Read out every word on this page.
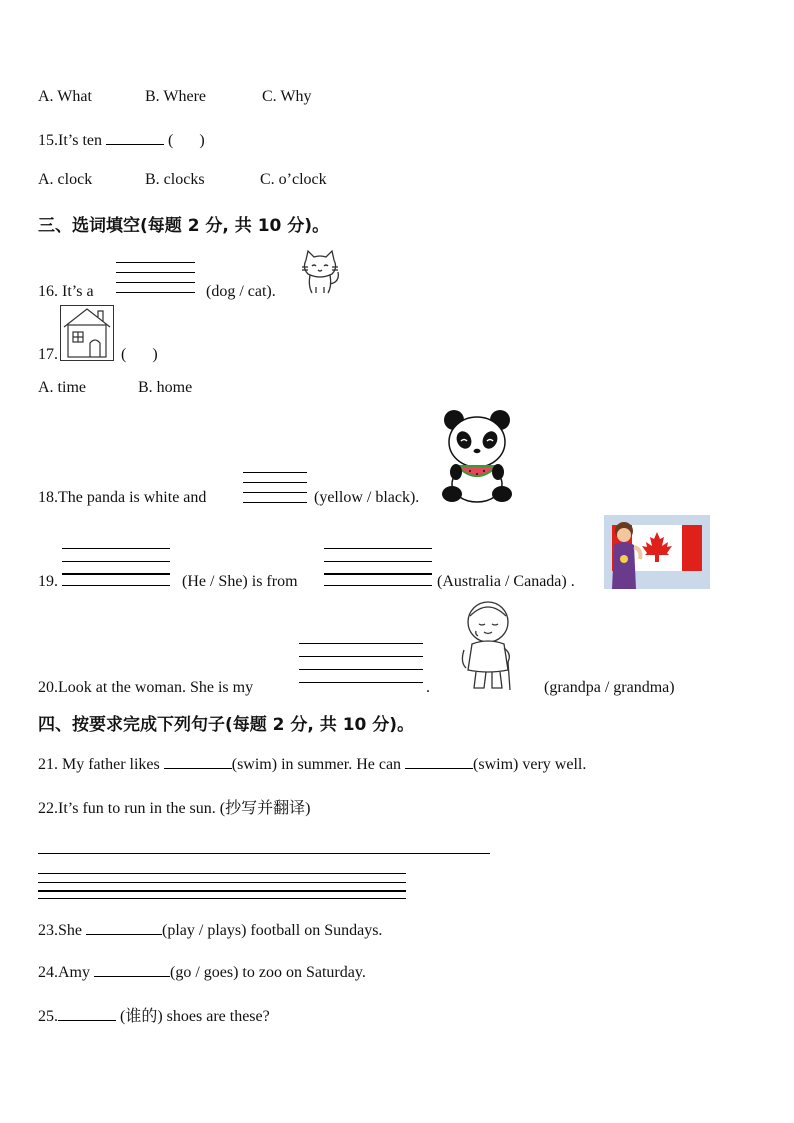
A. What	B. Where	C. Why
15.It’s ten	( )
A. clock	B. clocks	C. o’clock
三、选词填空(每题 2 分, 共 10 分)。
16. It’s a	(dog / cat).
17.	( )
A. time	B. home
18.The panda is white and	(yellow / black).
19.	(He / She) is from	(Australia / Canada) .
20.Look at the woman. She is my	.	(grandpa / grandma)
四、按要求完成下列句子(每题 2 分, 共 10 分)。
21. My father likes	(swim) in summer. He can	(swim) very well.
22.It’s fun to run in the sun. (抄写并翻译)
23.She	(play / plays) football on Sundays.
24.Amy	(go / goes) to zoo on Saturday.
25.	(谁的) shoes are these?
